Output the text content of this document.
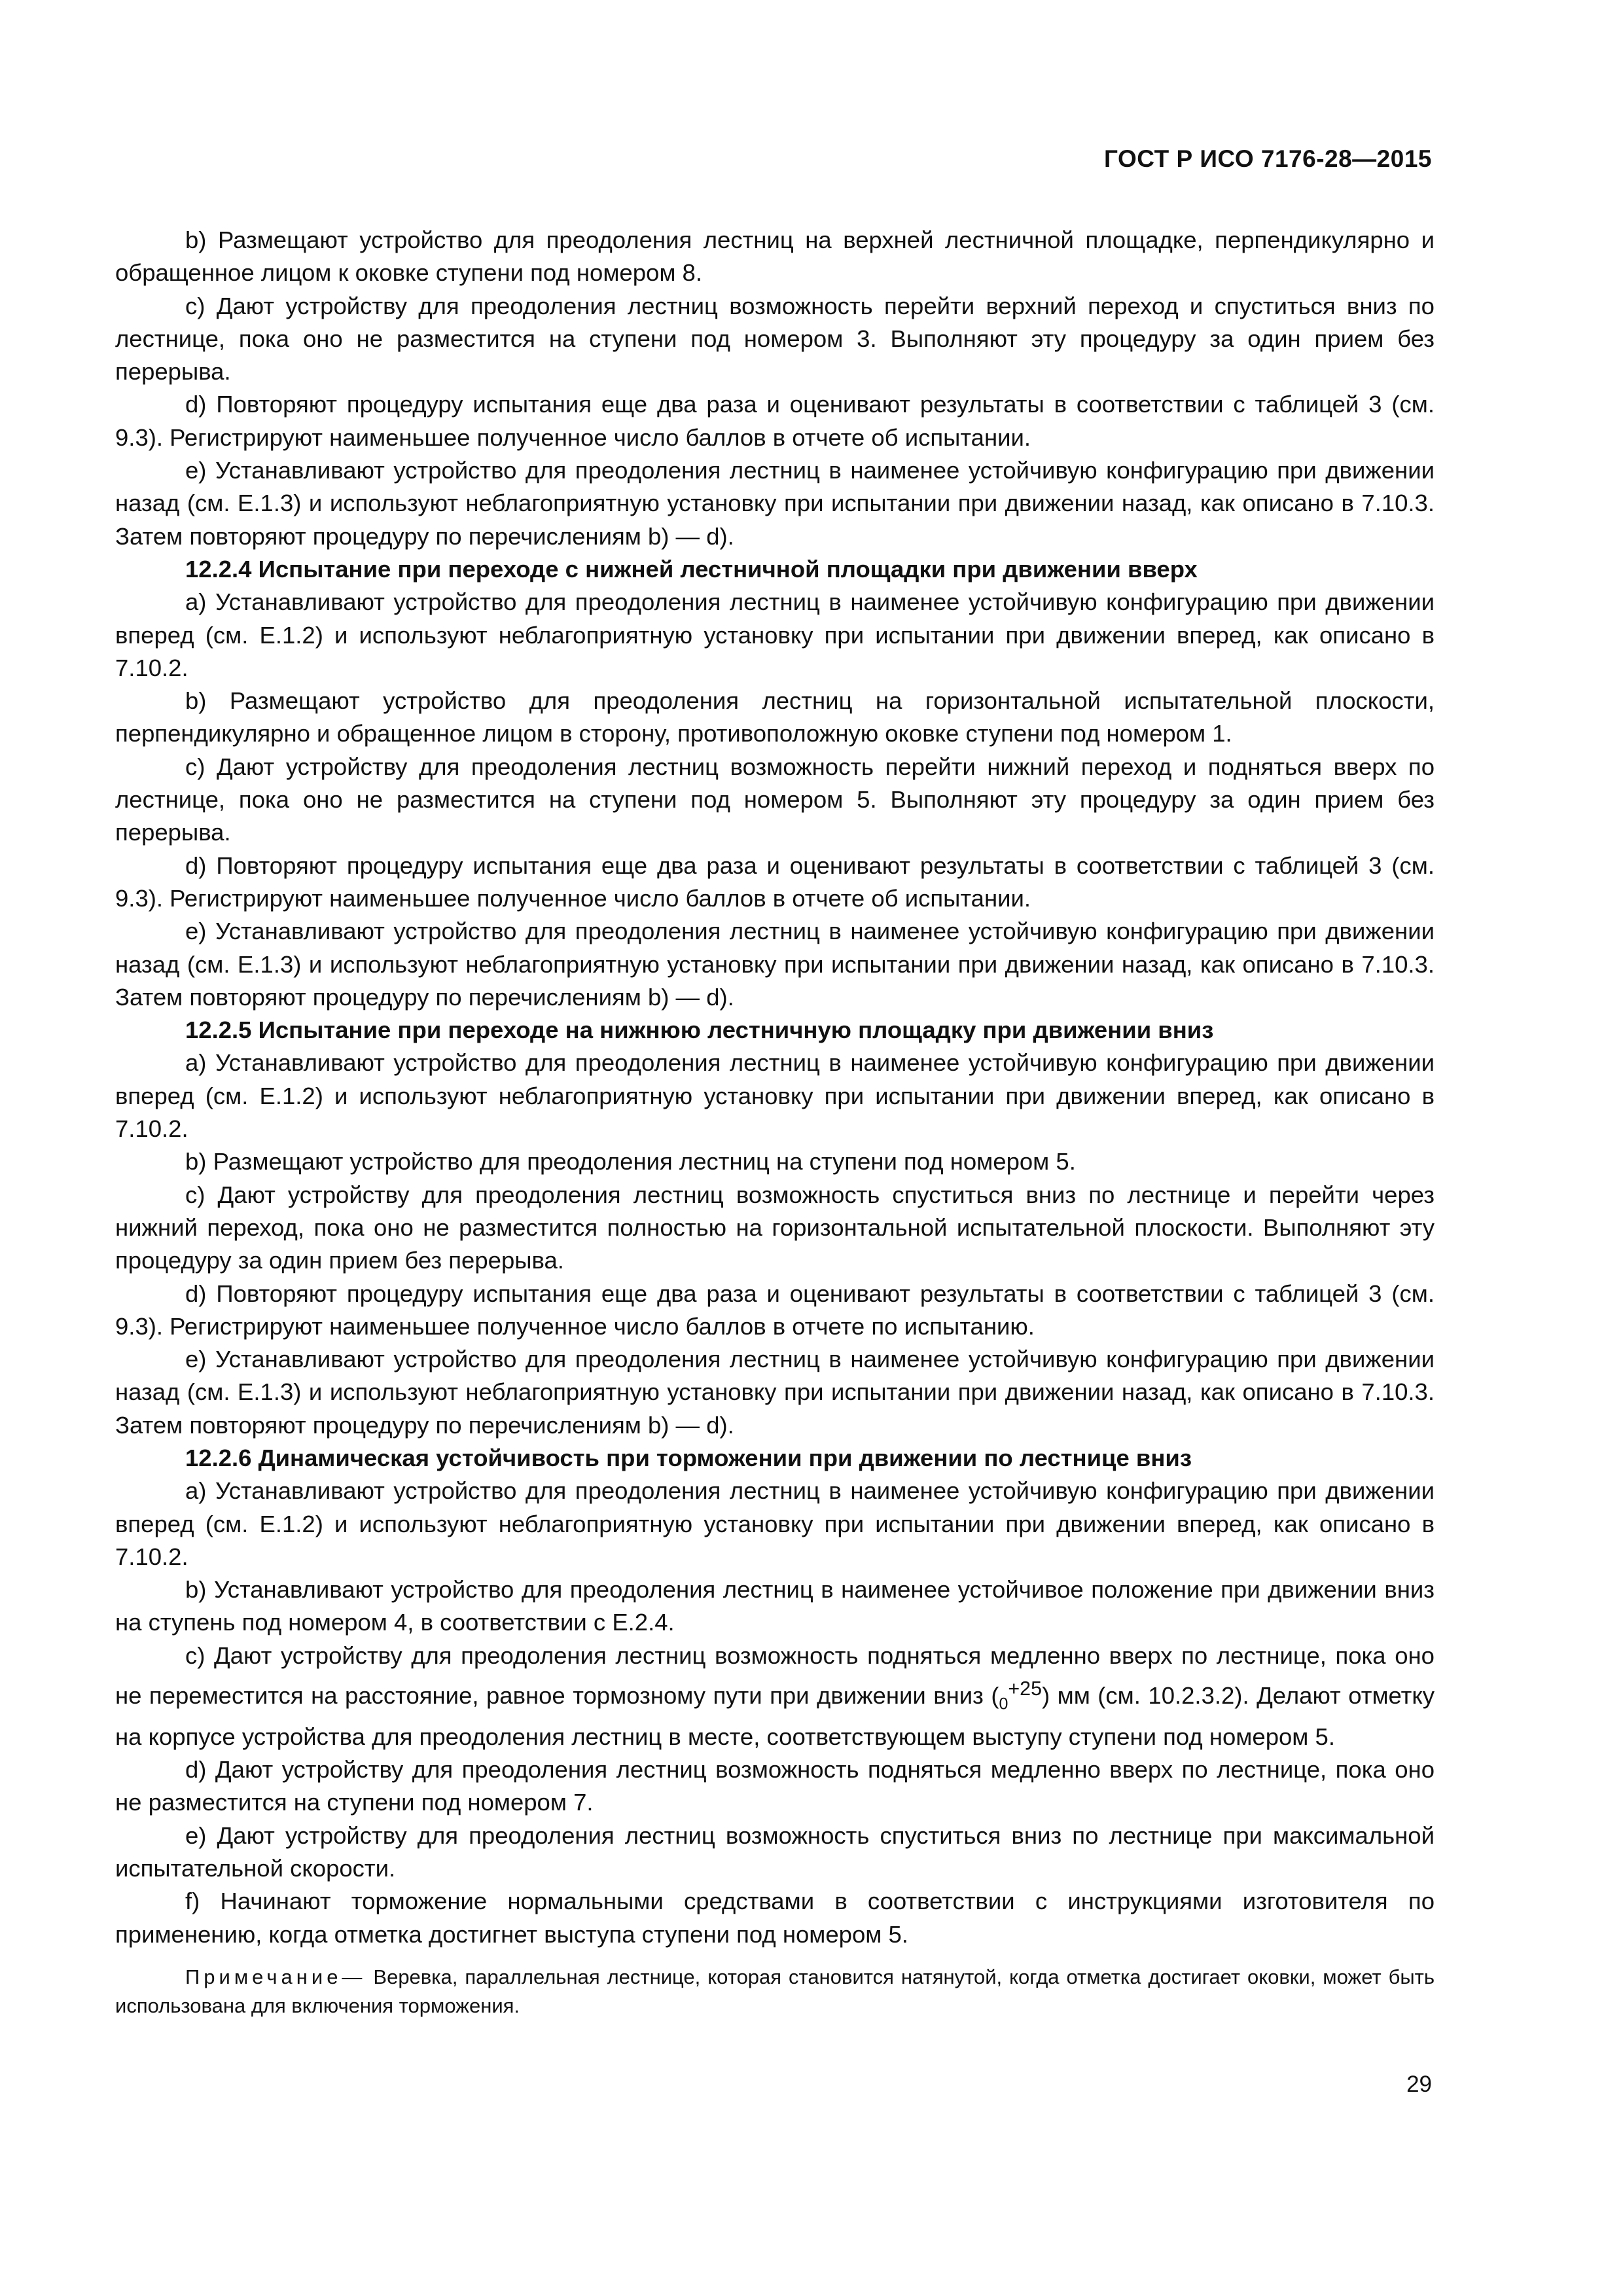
ГОСТ Р ИСО 7176-28—2015

b) Размещают устройство для преодоления лестниц на верхней лестничной площадке, перпендикулярно и обращенное лицом к оковке ступени под номером 8.

c) Дают устройству для преодоления лестниц возможность перейти верхний переход и спуститься вниз по лестнице, пока оно не разместится на ступени под номером 3. Выполняют эту процедуру за один прием без перерыва.

d) Повторяют процедуру испытания еще два раза и оценивают результаты в соответствии с таблицей 3 (см. 9.3). Регистрируют наименьшее полученное число баллов в отчете об испытании.

e) Устанавливают устройство для преодоления лестниц в наименее устойчивую конфигурацию при движении назад (см. E.1.3) и используют неблагоприятную установку при испытании при движении назад, как описано в 7.10.3. Затем повторяют процедуру по перечислениям b) — d).

12.2.4 Испытание при переходе с нижней лестничной площадки при движении вверх

a) Устанавливают устройство для преодоления лестниц в наименее устойчивую конфигурацию при движении вперед (см. E.1.2) и используют неблагоприятную установку при испытании при движении вперед, как описано в 7.10.2.

b) Размещают устройство для преодоления лестниц на горизонтальной испытательной плоскости, перпендикулярно и обращенное лицом в сторону, противоположную оковке ступени под номером 1.

c) Дают устройству для преодоления лестниц возможность перейти нижний переход и подняться вверх по лестнице, пока оно не разместится на ступени под номером 5. Выполняют эту процедуру за один прием без перерыва.

d) Повторяют процедуру испытания еще два раза и оценивают результаты в соответствии с таблицей 3 (см. 9.3). Регистрируют наименьшее полученное число баллов в отчете об испытании.

e) Устанавливают устройство для преодоления лестниц в наименее устойчивую конфигурацию при движении назад (см. E.1.3) и используют неблагоприятную установку при испытании при движении назад, как описано в 7.10.3. Затем повторяют процедуру по перечислениям b) — d).

12.2.5 Испытание при переходе на нижнюю лестничную площадку при движении вниз

a) Устанавливают устройство для преодоления лестниц в наименее устойчивую конфигурацию при движении вперед (см. E.1.2) и используют неблагоприятную установку при испытании при движении вперед, как описано в 7.10.2.

b) Размещают устройство для преодоления лестниц на ступени под номером 5.

c) Дают устройству для преодоления лестниц возможность спуститься вниз по лестнице и перейти через нижний переход, пока оно не разместится полностью на горизонтальной испытательной плоскости. Выполняют эту процедуру за один прием без перерыва.

d) Повторяют процедуру испытания еще два раза и оценивают результаты в соответствии с таблицей 3 (см. 9.3). Регистрируют наименьшее полученное число баллов в отчете по испытанию.

e) Устанавливают устройство для преодоления лестниц в наименее устойчивую конфигурацию при движении назад (см. E.1.3) и используют неблагоприятную установку при испытании при движении назад, как описано в 7.10.3. Затем повторяют процедуру по перечислениям b) — d).

12.2.6 Динамическая устойчивость при торможении при движении по лестнице вниз

a) Устанавливают устройство для преодоления лестниц в наименее устойчивую конфигурацию при движении вперед (см. E.1.2) и используют неблагоприятную установку при испытании при движении вперед, как описано в 7.10.2.

b) Устанавливают устройство для преодоления лестниц в наименее устойчивое положение при движении вниз на ступень под номером 4, в соответствии с E.2.4.

c) Дают устройству для преодоления лестниц возможность подняться медленно вверх по лестнице, пока оно не переместится на расстояние, равное тормозному пути при движении вниз $(_0^{+25})$ мм (см. 10.2.3.2). Делают отметку на корпусе устройства для преодоления лестниц в месте, соответствующем выступу ступени под номером 5.

d) Дают устройству для преодоления лестниц возможность подняться медленно вверх по лестнице, пока оно не разместится на ступени под номером 7.

e) Дают устройству для преодоления лестниц возможность спуститься вниз по лестнице при максимальной испытательной скорости.

f) Начинают торможение нормальными средствами в соответствии с инструкциями изготовителя по применению, когда отметка достигнет выступа ступени под номером 5.

Примечание— Веревка, параллельная лестнице, которая становится натянутой, когда отметка достигает оковки, может быть использована для включения торможения.

29
